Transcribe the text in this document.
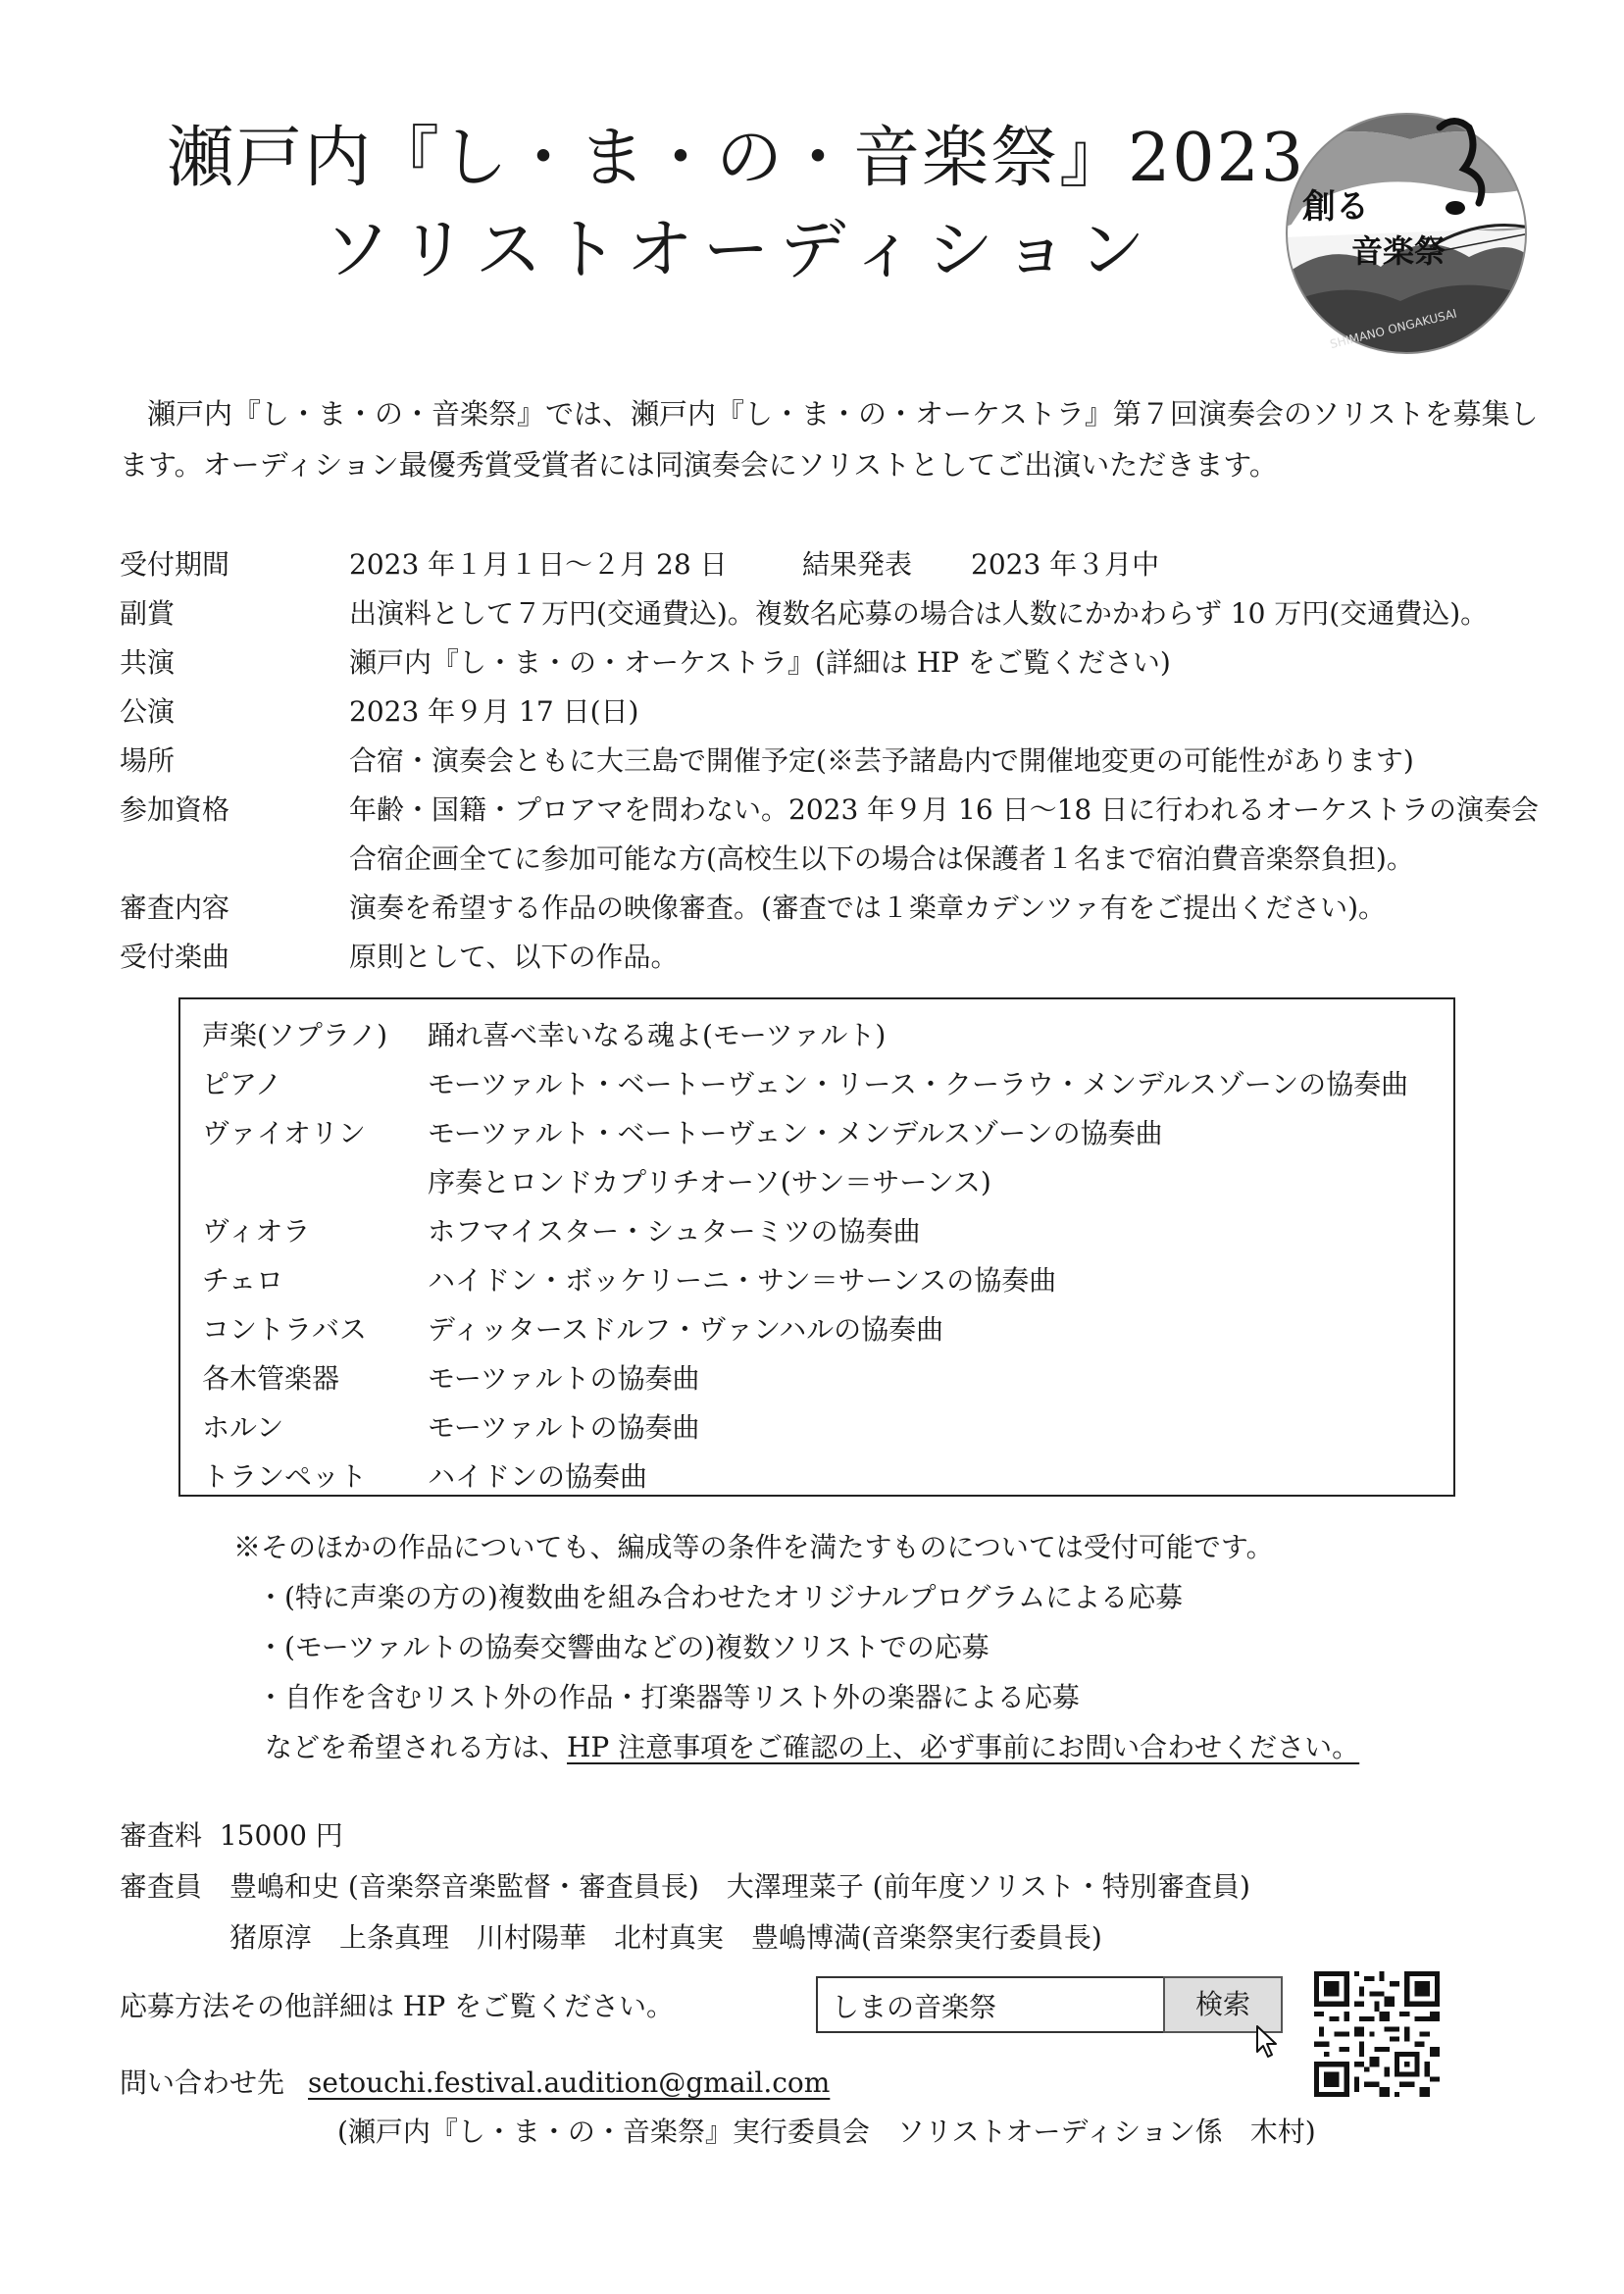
瀬戸内『し・ま・の・音楽祭』2023
ソリストオーディション
創る
音楽祭
SHIMANO ONGAKUSAI

瀬戸内『し・ま・の・音楽祭』では、瀬戸内『し・ま・の・オーケストラ』第７回演奏会のソリストを募集し

ます。オーディション最優秀賞受賞者には同演奏会にソリストとしてご出演いただきます。

受付期間	2023 年１月１日～２月 28 日	結果発表 2023 年３月中
副賞	出演料として７万円(交通費込)。複数名応募の場合は人数にかかわらず 10 万円(交通費込)。
共演	瀬戸内『し・ま・の・オーケストラ』(詳細は HP をご覧ください)
公演	2023 年９月 17 日(日)
場所	合宿・演奏会ともに大三島で開催予定(※芸予諸島内で開催地変更の可能性があります)
参加資格	年齢・国籍・プロアマを問わない。2023 年９月 16 日～18 日に行われるオーケストラの演奏会
合宿企画全てに参加可能な方(高校生以下の場合は保護者１名まで宿泊費音楽祭負担)。
審査内容	演奏を希望する作品の映像審査。(審査では１楽章カデンツァ有をご提出ください)。
受付楽曲	原則として、以下の作品。
声楽(ソプラノ) 踊れ喜べ幸いなる魂よ(モーツァルト)
ピアノ	モーツァルト・ベートーヴェン・リース・クーラウ・メンデルスゾーンの協奏曲
ヴァイオリン モーツァルト・ベートーヴェン・メンデルスゾーンの協奏曲
序奏とロンドカプリチオーソ(サン＝サーンス)
ヴィオラ	ホフマイスター・シュターミツの協奏曲
チェロ	ハイドン・ボッケリーニ・サン＝サーンスの協奏曲
コントラバス ディッタースドルフ・ヴァンハルの協奏曲
各木管楽器	モーツァルトの協奏曲
ホルン	モーツァルトの協奏曲
トランペット ハイドンの協奏曲
※そのほかの作品についても、編成等の条件を満たすものについては受付可能です。
・(特に声楽の方の)複数曲を組み合わせたオリジナルプログラムによる応募
・(モーツァルトの協奏交響曲などの)複数ソリストでの応募
・自作を含むリスト外の作品・打楽器等リスト外の楽器による応募
などを希望される方は、HP 注意事項をご確認の上、必ず事前にお問い合わせください。
審査料 15000 円
審査員 豊嶋和史 (音楽祭音楽監督・審査員長)　大澤理菜子 (前年度ソリスト・特別審査員)
猪原淳　上条真理　川村陽華　北村真実　豊嶋博満(音楽祭実行委員長)
応募方法その他詳細は HP をご覧ください。	しまの音楽祭	検索
問い合わせ先 setouchi.festival.audition@gmail.com
(瀬戸内『し・ま・の・音楽祭』実行委員会　ソリストオーディション係　木村)
